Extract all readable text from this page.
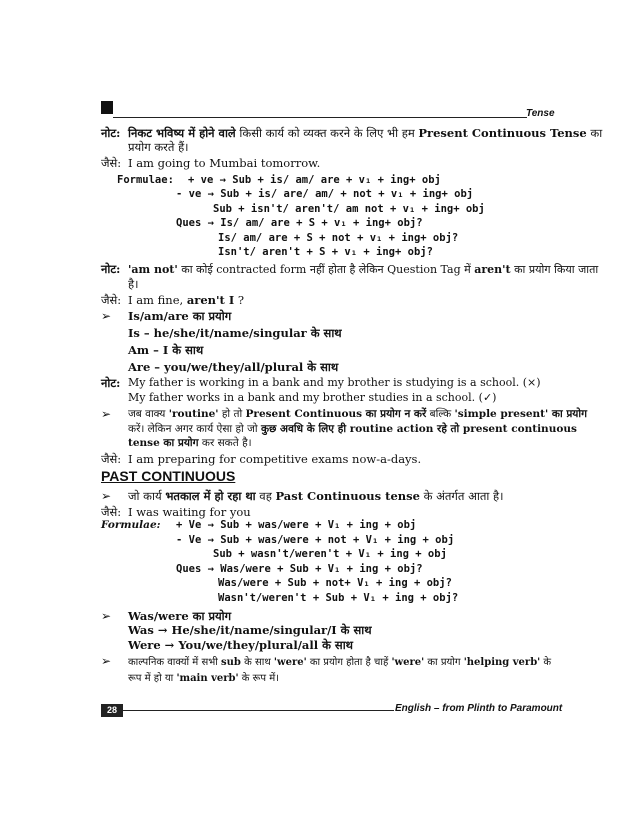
Tense
नोट: निकट भविष्य में होने वाले किसी कार्य को व्यक्त करने के लिए भी हम Present Continuous Tense का
प्रयोग करते हैं।
जैसे: I am going to Mumbai tomorrow.
Formulae: + ve → Sub + is/ am/ are + v₁ + ing+ obj
- ve → Sub + is/ are/ am/ + not + v₁ + ing+ obj
Sub + isn't/ aren't/ am not + v₁ + ing+ obj
Ques → Is/ am/ are + S + v₁ + ing+ obj?
Is/ am/ are + S + not + v₁ + ing+ obj?
Isn't/ aren't + S + v₁ + ing+ obj?
नोट: 'am not' का कोई contracted form नहीं होता है लेकिन Question Tag में aren't का प्रयोग किया जाता
है।
जैसे: I am fine, aren't I ?
➢ Is/am/are का प्रयोग
Is – he/she/it/name/singular के साथ
Am – I के साथ
Are – you/we/they/all/plural के साथ
नोट: My father is working in a bank and my brother is studying is a school. (×)
My father works in a bank and my brother studies in a school. (✓)
➢ जब वाक्य 'routine' हो तो Present Continuous का प्रयोग न करें बल्कि 'simple present' का प्रयोग
करें। लेकिन अगर कार्य ऐसा हो जो कुछ अवधि के लिए ही routine action रहे तो present continuous
tense का प्रयोग कर सकते है।
जैसे: I am preparing for competitive exams now-a-days.
PAST CONTINUOUS
➢ जो कार्य भतकाल में हो रहा था वह Past Continuous tense के अंतर्गत आता है।
जैसे: I was waiting for you
Formulae: + Ve → Sub + was/were + V₁ + ing + obj
- Ve → Sub + was/were + not + V₁ + ing + obj
Sub + wasn't/weren't + V₁ + ing + obj
Ques → Was/were + Sub + V₁ + ing + obj?
Was/were + Sub + not+ V₁ + ing + obj?
Wasn't/weren't + Sub + V₁ + ing + obj?
➢ Was/were का प्रयोग
Was → He/she/it/name/singular/I के साथ
28	English – from Plinth to Paramount
Were → You/we/they/plural/all के साथ
➢ काल्पनिक वाक्यों में सभी sub के साथ 'were' का प्रयोग होता है चाहें 'were' का प्रयोग 'helping verb' के
रूप में हो या 'main verb' के रूप में।
